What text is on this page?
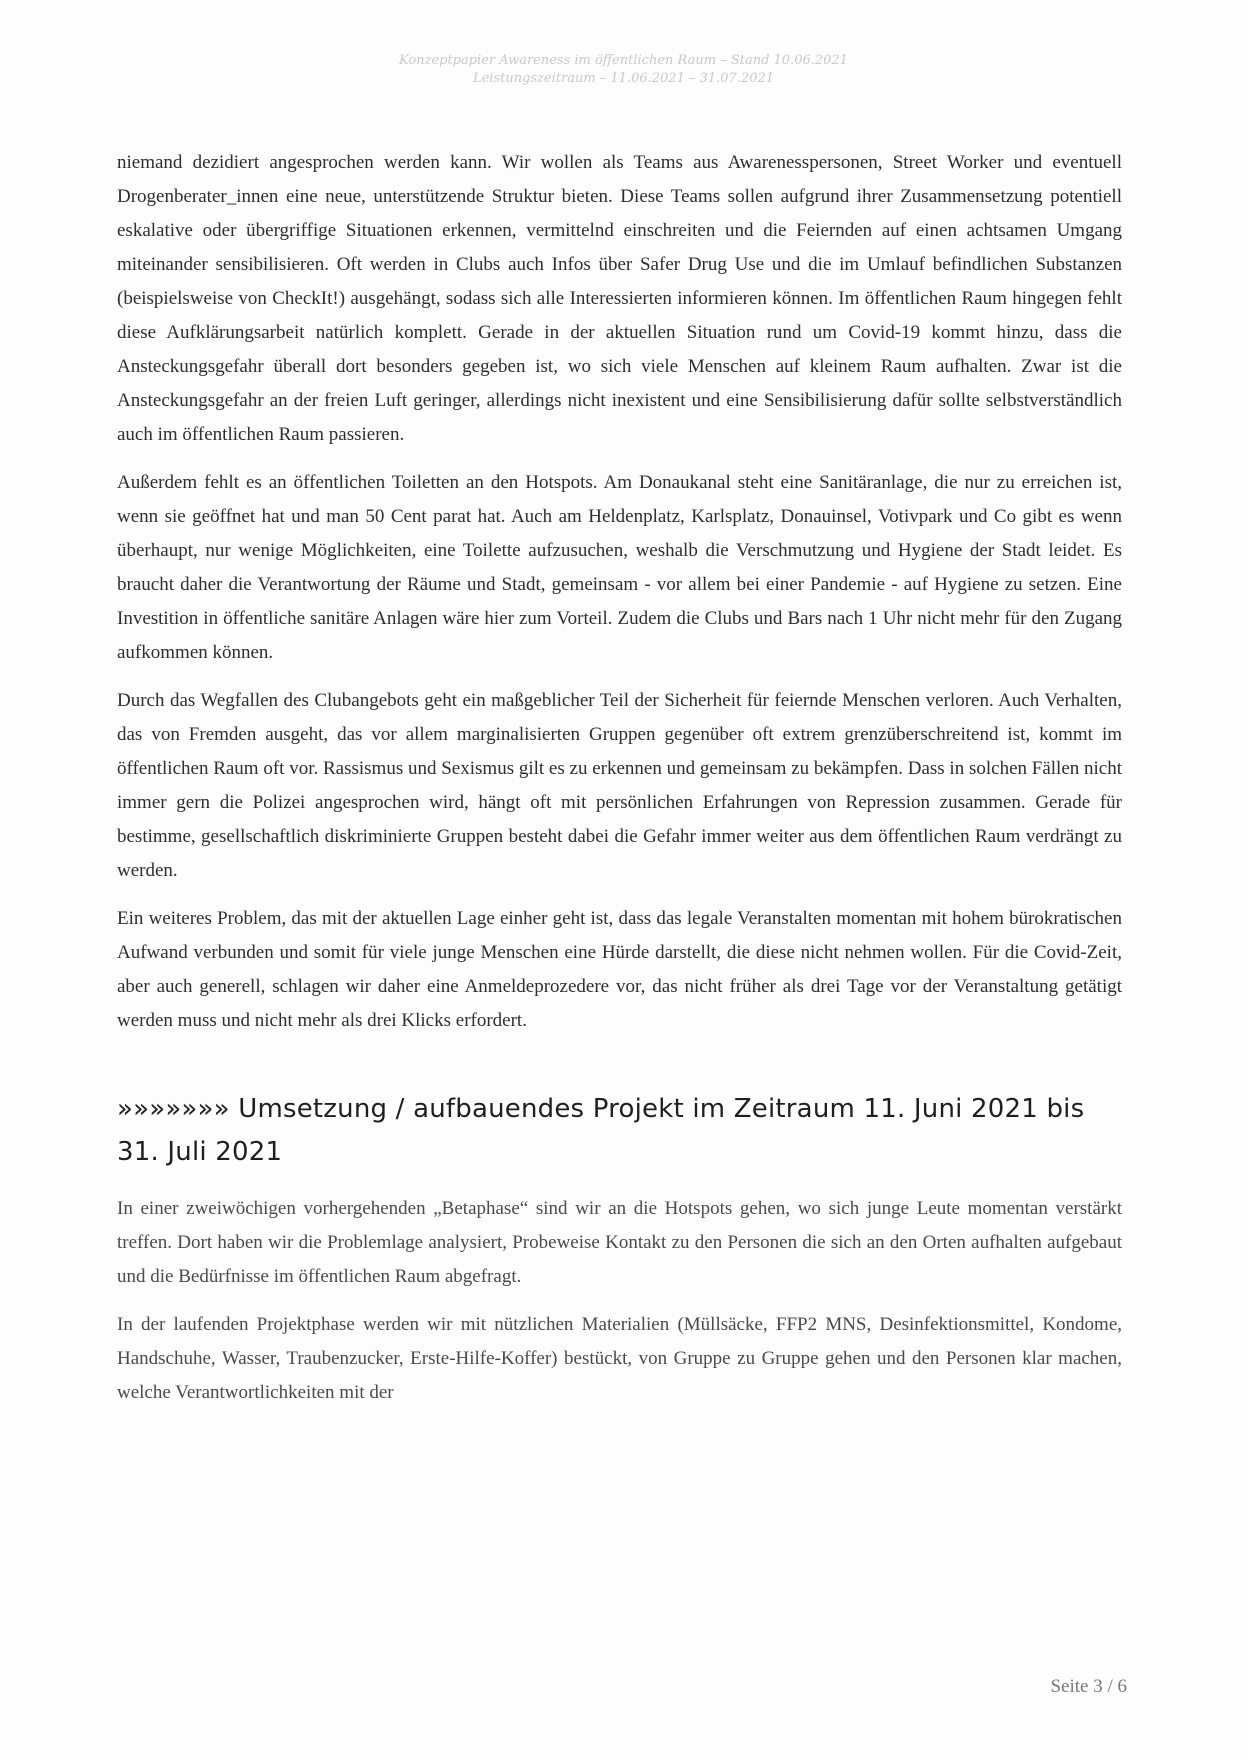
Konzeptpapier Awareness im öffentlichen Raum – Stand 10.06.2021
Leistungszeitraum – 11.06.2021 – 31.07.2021

niemand dezidiert angesprochen werden kann. Wir wollen als Teams aus Awarenesspersonen, Street Worker und eventuell Drogenberater_innen eine neue, unterstützende Struktur bieten. Diese Teams sollen aufgrund ihrer Zusammensetzung potentiell eskalative oder übergriffige Situationen erkennen, vermittelnd einschreiten und die Feiernden auf einen achtsamen Umgang miteinander sensibilisieren. Oft werden in Clubs auch Infos über Safer Drug Use und die im Umlauf befindlichen Substanzen (beispielsweise von CheckIt!) ausgehängt, sodass sich alle Interessierten informieren können. Im öffentlichen Raum hingegen fehlt diese Aufklärungsarbeit natürlich komplett. Gerade in der aktuellen Situation rund um Covid-19 kommt hinzu, dass die Ansteckungsgefahr überall dort besonders gegeben ist, wo sich viele Menschen auf kleinem Raum aufhalten. Zwar ist die Ansteckungsgefahr an der freien Luft geringer, allerdings nicht inexistent und eine Sensibilisierung dafür sollte selbstverständlich auch im öffentlichen Raum passieren.

Außerdem fehlt es an öffentlichen Toiletten an den Hotspots. Am Donaukanal steht eine Sanitäranlage, die nur zu erreichen ist, wenn sie geöffnet hat und man 50 Cent parat hat. Auch am Heldenplatz, Karlsplatz, Donauinsel, Votivpark und Co gibt es wenn überhaupt, nur wenige Möglichkeiten, eine Toilette aufzusuchen, weshalb die Verschmutzung und Hygiene der Stadt leidet. Es braucht daher die Verantwortung der Räume und Stadt, gemeinsam - vor allem bei einer Pandemie - auf Hygiene zu setzen. Eine Investition in öffentliche sanitäre Anlagen wäre hier zum Vorteil. Zudem die Clubs und Bars nach 1 Uhr nicht mehr für den Zugang aufkommen können.

Durch das Wegfallen des Clubangebots geht ein maßgeblicher Teil der Sicherheit für feiernde Menschen verloren. Auch Verhalten, das von Fremden ausgeht, das vor allem marginalisierten Gruppen gegenüber oft extrem grenzüberschreitend ist, kommt im öffentlichen Raum oft vor. Rassismus und Sexismus gilt es zu erkennen und gemeinsam zu bekämpfen. Dass in solchen Fällen nicht immer gern die Polizei angesprochen wird, hängt oft mit persönlichen Erfahrungen von Repression zusammen. Gerade für bestimme, gesellschaftlich diskriminierte Gruppen besteht dabei die Gefahr immer weiter aus dem öffentlichen Raum verdrängt zu werden.

Ein weiteres Problem, das mit der aktuellen Lage einher geht ist, dass das legale Veranstalten momentan mit hohem bürokratischen Aufwand verbunden und somit für viele junge Menschen eine Hürde darstellt, die diese nicht nehmen wollen. Für die Covid-Zeit, aber auch generell, schlagen wir daher eine Anmeldeprozedere vor, das nicht früher als drei Tage vor der Veranstaltung getätigt werden muss und nicht mehr als drei Klicks erfordert.

»»»»»»» Umsetzung / aufbauendes Projekt im Zeitraum 11. Juni 2021 bis 31. Juli 2021

In einer zweiwöchigen vorhergehenden „Betaphase“ sind wir an die Hotspots gehen, wo sich junge Leute momentan verstärkt treffen. Dort haben wir die Problemlage analysiert, Probeweise Kontakt zu den Personen die sich an den Orten aufhalten aufgebaut und die Bedürfnisse im öffentlichen Raum abgefragt.

In der laufenden Projektphase werden wir mit nützlichen Materialien (Müllsäcke, FFP2 MNS, Desinfektionsmittel, Kondome, Handschuhe, Wasser, Traubenzucker, Erste-Hilfe-Koffer) bestückt, von Gruppe zu Gruppe gehen und den Personen klar machen, welche Verantwortlichkeiten mit der

Seite 3 / 6
